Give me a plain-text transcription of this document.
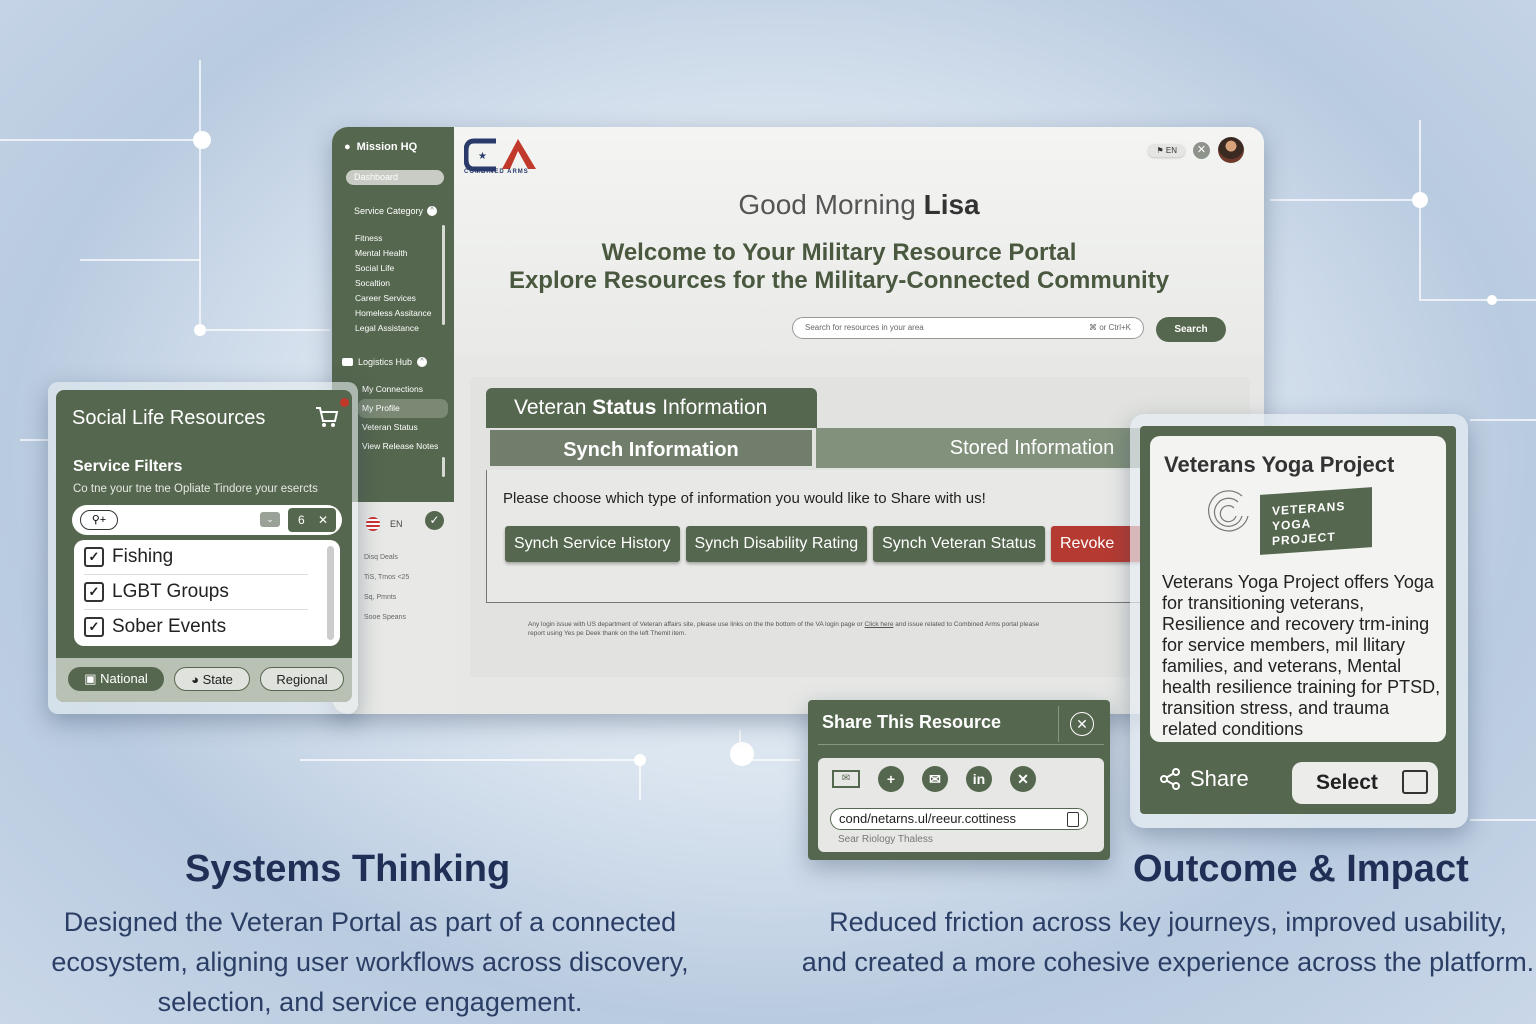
● Mission HQ
Dashboard
Service Category	^
Fitness
Mental Health
Social Life
Socaltion
Career Services
Homeless Assitance
Legal Assistance
Logistics Hub	^
My Connections
My Profile
Veteran Status
View Release Notes
EN	✓
Disq Deals
TiS, Tmos <25
Sq, Pmnts
Sooe Speans
★
COMBINED ARMS
⚑ EN	✕
Good Morning Lisa
Welcome to Your Military Resource Portal
Explore Resources for the Military-Connected Community
Search for resources in your area	⌘ or Ctrl+K	Search
Veteran Status Information
Synch Information	Stored Information
Please choose which type of information you would like to Share with us!
Synch Service History	Synch Disability Rating	Synch Veteran Status	Revoke
Any login issue with US department of Veteran affairs site, please use links on the the bottom of the VA login page or Click here and issue related to Combined Arms portal please report using Yes pe Deek thank on the left Themit item.
Social Life Resources
Service Filters
Co tne your tne tne Opliate Tindore your esercts
⚲+	⌄	6 ✕
✓ Fishing
✓ LGBT Groups
✓ Sober Events
▣ National	◕ State	Regional
Veterans Yoga Project
VETERANS
YOGA
PROJECT
Veterans Yoga Project offers Yoga for transitioning veterans, Resilience and recovery trm-ining for service members, mil llitary families, and veterans, Mental health resilience training for PTSD, transition stress, and trauma related conditions
Share	Select
Share This Resource	✕
✉	+	✉	in	✕
cond/netarns.ul/reeur.cottiness
Sear Riology Thaless
Systems Thinking
Designed the Veteran Portal as part of a connected
ecosystem, aligning user workflows across discovery,
selection, and service engagement.
Outcome & Impact
Reduced friction across key journeys, improved usability,
and created a more cohesive experience across the platform.
